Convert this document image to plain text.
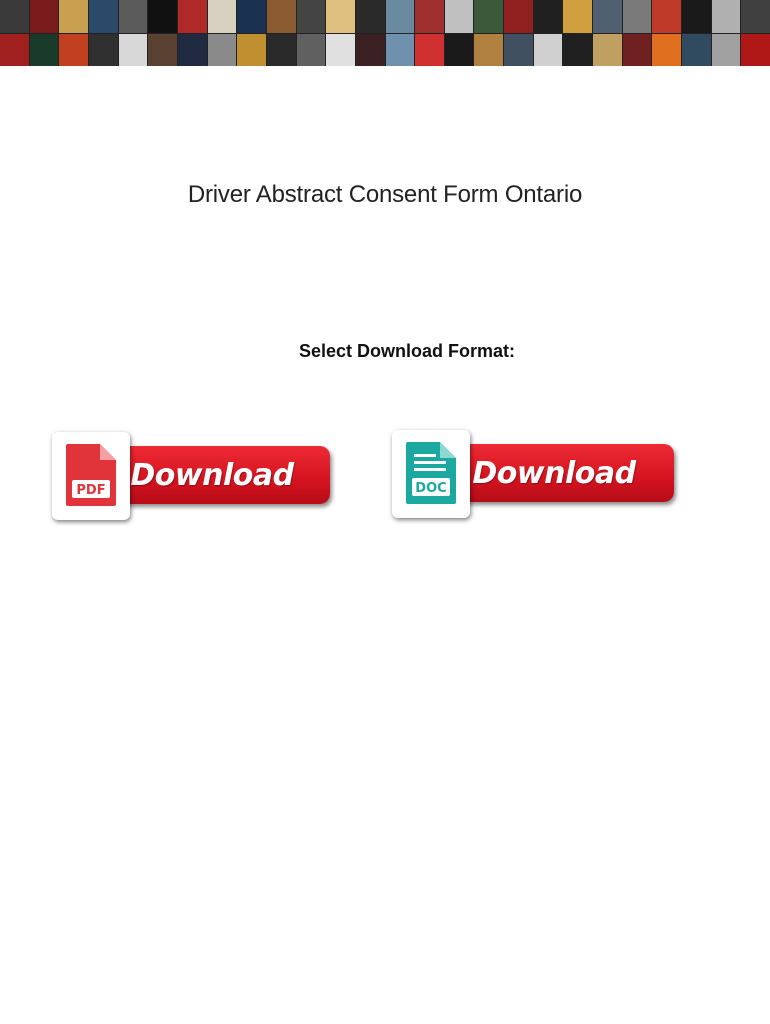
Driver Abstract Consent Form Ontario
Select Download Format:
Download
PDF	Download
DOC
